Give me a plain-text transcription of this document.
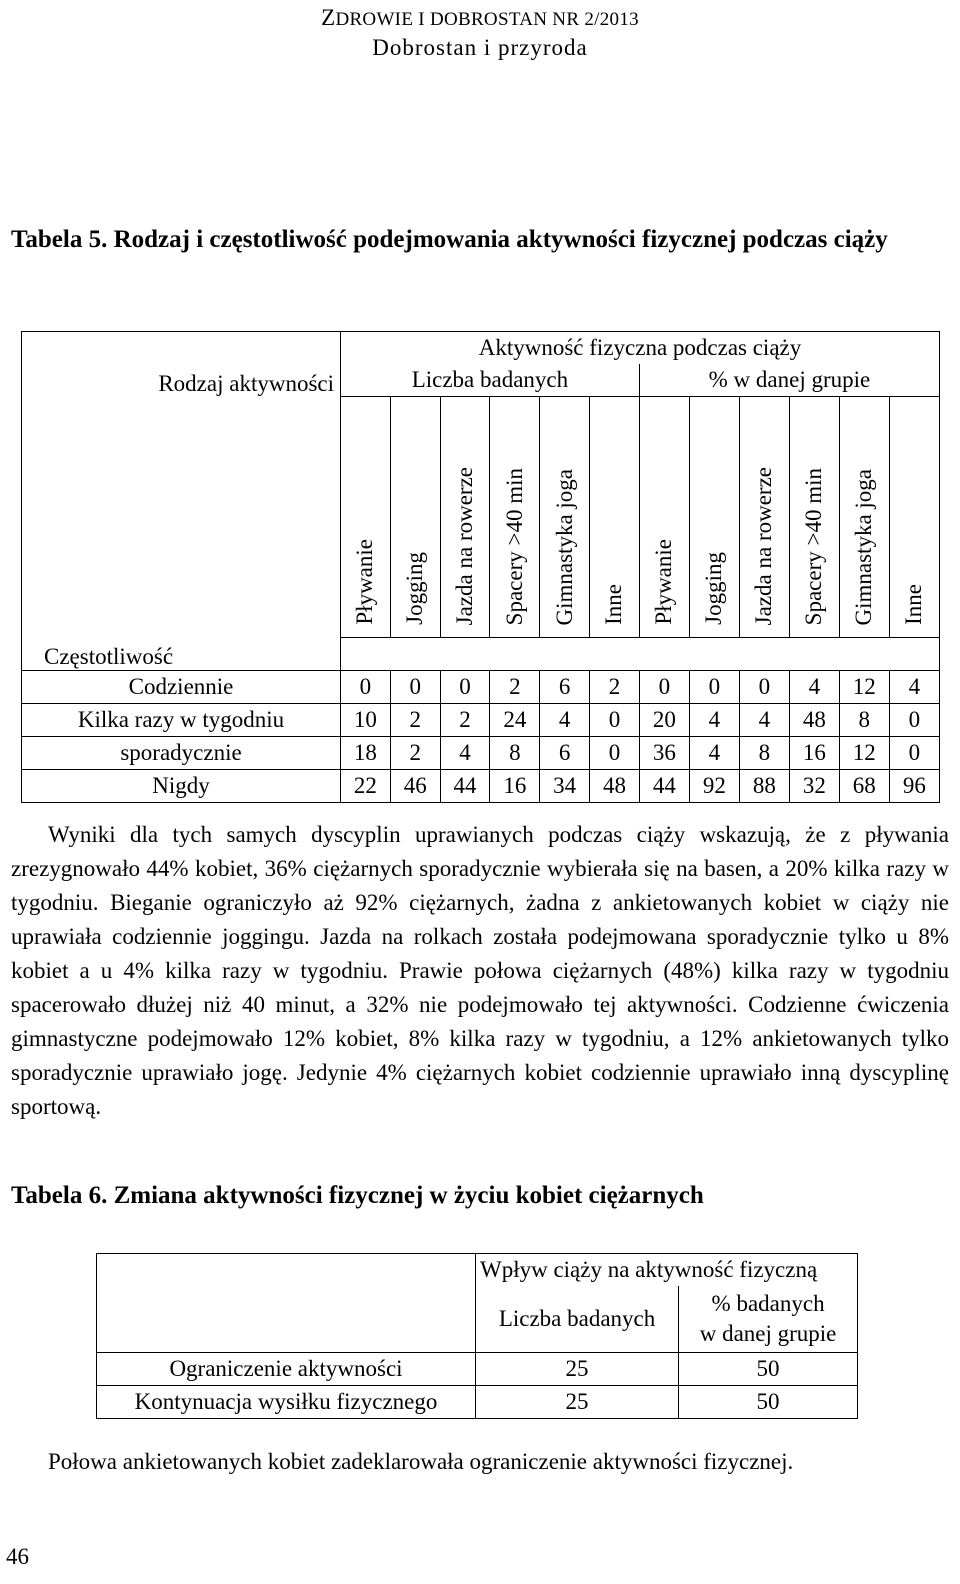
ZDROWIE I DOBROSTAN NR 2/2013
Dobrostan i przyroda
Tabela 5. Rodzaj i częstotliwość podejmowania aktywności fizycznej podczas ciąży
Rodzaj aktywności	Aktywność fizyczna podczas ciąży											
	Liczba badanych						% w danej grupie					
	Pływanie	Jogging	Jazda na rowerze	Spacery >40 min	Gimnastyka joga	Inne	Pływanie	Jogging	Jazda na rowerze	Spacery >40 min	Gimnastyka joga	Inne
Częstotliwość												
Codziennie	0	0	0	2	6	2	0	0	0	4	12	4
Kilka razy w tygodniu	10	2	2	24	4	0	20	4	4	48	8	0
sporadycznie	18	2	4	8	6	0	36	4	8	16	12	0
Nigdy	22	46	44	16	34	48	44	92	88	32	68	96
Wyniki dla tych samych dyscyplin uprawianych podczas ciąży wskazują, że z pływania zrezygnowało 44% kobiet, 36% ciężarnych sporadycznie wybierała się na basen, a 20% kilka razy w tygodniu. Bieganie ograniczyło aż 92% ciężarnych, żadna z ankietowanych kobiet w ciąży nie uprawiała codziennie joggingu. Jazda na rolkach została podejmowana sporadycznie tylko u 8% kobiet a u 4% kilka razy w tygodniu. Prawie połowa ciężarnych (48%) kilka razy w tygodniu spacerowało dłużej niż 40 minut, a 32% nie podejmowało tej aktywności. Codzienne ćwiczenia gimnastyczne podejmowało 12% kobiet, 8% kilka razy w tygodniu, a 12% ankietowanych tylko sporadycznie uprawiało jogę. Jedynie 4% ciężarnych kobiet codziennie uprawiało inną dyscyplinę sportową.
Tabela 6. Zmiana aktywności fizycznej w życiu kobiet ciężarnych
	Wpływ ciąży na aktywność fizyczną	
	Liczba badanych	% badanych
w danej grupie

Ograniczenie aktywności	25	50
Kontynuacja wysiłku fizycznego	25	50
Połowa ankietowanych kobiet zadeklarowała ograniczenie aktywności fizycznej.
46
